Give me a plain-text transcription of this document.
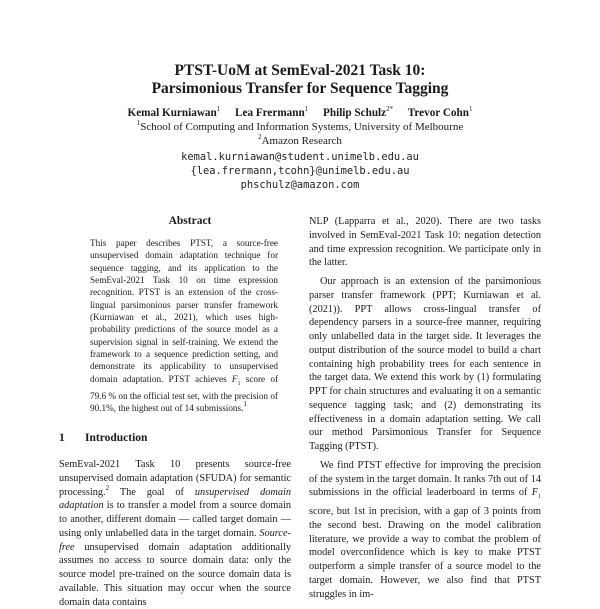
PTST-UoM at SemEval-2021 Task 10:
Parsimonious Transfer for Sequence Tagging
Kemal Kurniawan$^1$ Lea Frermann$^1$ Philip Schulz$^{2*}$ Trevor Cohn$^1$
$^1$School of Computing and Information Systems, University of Melbourne
$^2$Amazon Research
kemal.kurniawan@student.unimelb.edu.au
{lea.frermann,tcohn}@unimelb.edu.au
phschulz@amazon.com
Abstract

This paper describes PTST, a source-free unsupervised domain adaptation technique for sequence tagging, and its application to the SemEval-2021 Task 10 on time expression recognition. PTST is an extension of the cross-lingual parsimonious parser transfer framework (Kurniawan et al., 2021), which uses high-probability predictions of the source model as a supervision signal in self-training. We extend the framework to a sequence prediction setting, and demonstrate its applicability to unsupervised domain adaptation. PTST achieves $F_1$ score of 79.6 % on the official test set, with the precision of 90.1%, the highest out of 14 submissions.$^1$

1 Introduction

SemEval-2021 Task 10 presents source-free unsupervised domain adaptation (SFUDA) for semantic processing.$^2$ The goal of unsupervised domain adaptation is to transfer a model from a source domain to another, different domain — called target domain — using only unlabelled data in the target domain. Source-free unsupervised domain adaptation additionally assumes no access to source domain data: only the source model pre-trained on the source domain data is available. This situation may occur when the source domain data contains

NLP (Lapparra et al., 2020). There are two tasks involved in SemEval-2021 Task 10: negation detection and time expression recognition. We participate only in the latter.

Our approach is an extension of the parsimonious parser transfer framework (PPT; Kurniawan et al. (2021)). PPT allows cross-lingual transfer of dependency parsers in a source-free manner, requiring only unlabelled data in the target side. It leverages the output distribution of the source model to build a chart containing high probability trees for each sentence in the target data. We extend this work by (1) formulating PPT for chain structures and evaluating it on a semantic sequence tagging task; and (2) demonstrating its effectiveness in a domain adaptation setting. We call our method Parsimonious Transfer for Sequence Tagging (PTST).

We find PTST effective for improving the precision of the system in the target domain. It ranks 7th out of 14 submissions in the official leaderboard in terms of $F_1$ score, but 1st in precision, with a gap of 3 points from the second best. Drawing on the model calibration literature, we provide a way to combat the problem of model overconfidence which is key to make PTST outperform a simple transfer of a source model to the target domain. However, we also find that PTST struggles in im-
